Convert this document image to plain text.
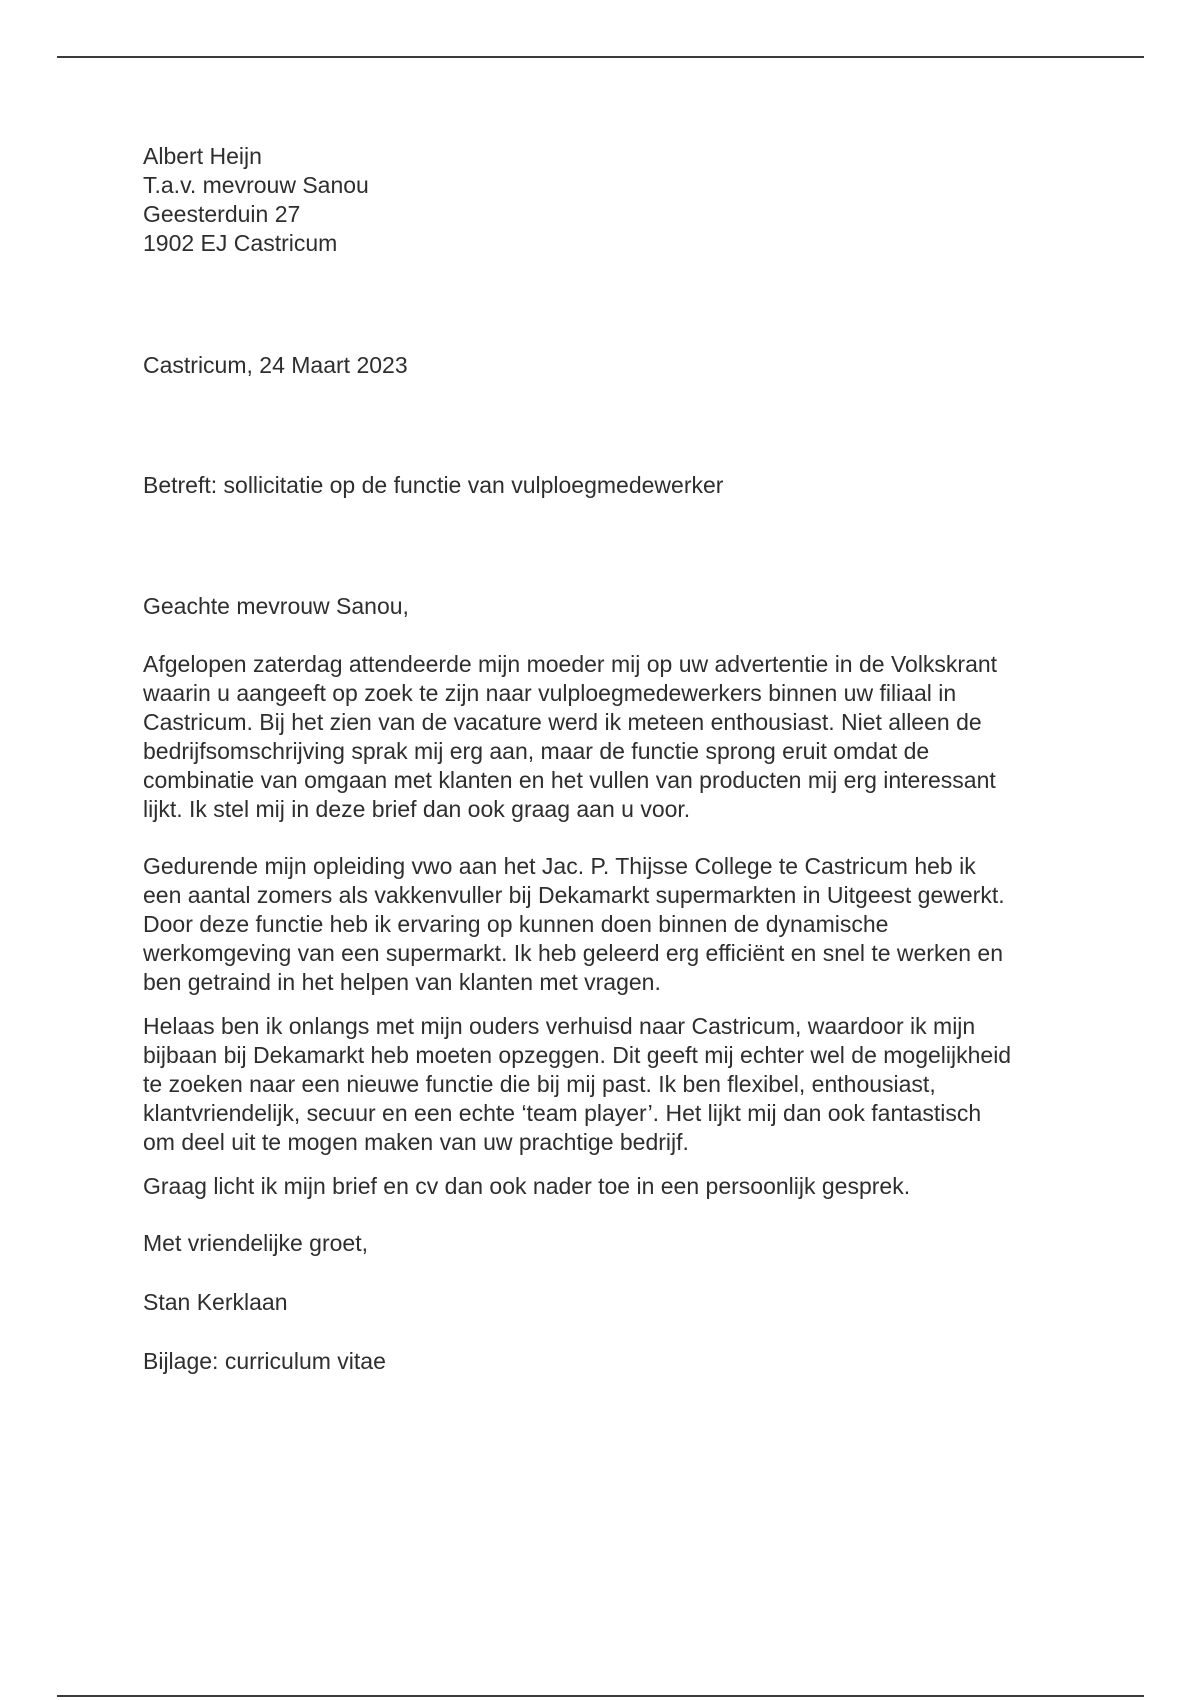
Albert Heijn
T.a.v. mevrouw Sanou
Geesterduin 27
1902 EJ Castricum
Castricum, 24 Maart 2023
Betreft: sollicitatie op de functie van vulploegmedewerker
Geachte mevrouw Sanou,
Afgelopen zaterdag attendeerde mijn moeder mij op uw advertentie in de Volkskrant
waarin u aangeeft op zoek te zijn naar vulploegmedewerkers binnen uw filiaal in
Castricum. Bij het zien van de vacature werd ik meteen enthousiast. Niet alleen de
bedrijfsomschrijving sprak mij erg aan, maar de functie sprong eruit omdat de
combinatie van omgaan met klanten en het vullen van producten mij erg interessant
lijkt. Ik stel mij in deze brief dan ook graag aan u voor.
Gedurende mijn opleiding vwo aan het Jac. P. Thijsse College te Castricum heb ik
een aantal zomers als vakkenvuller bij Dekamarkt supermarkten in Uitgeest gewerkt.
Door deze functie heb ik ervaring op kunnen doen binnen de dynamische
werkomgeving van een supermarkt. Ik heb geleerd erg efficiënt en snel te werken en
ben getraind in het helpen van klanten met vragen.
Helaas ben ik onlangs met mijn ouders verhuisd naar Castricum, waardoor ik mijn
bijbaan bij Dekamarkt heb moeten opzeggen. Dit geeft mij echter wel de mogelijkheid
te zoeken naar een nieuwe functie die bij mij past. Ik ben flexibel, enthousiast,
klantvriendelijk, secuur en een echte ‘team player’. Het lijkt mij dan ook fantastisch
om deel uit te mogen maken van uw prachtige bedrijf.
Graag licht ik mijn brief en cv dan ook nader toe in een persoonlijk gesprek.
Met vriendelijke groet,
Stan Kerklaan
Bijlage: curriculum vitae
